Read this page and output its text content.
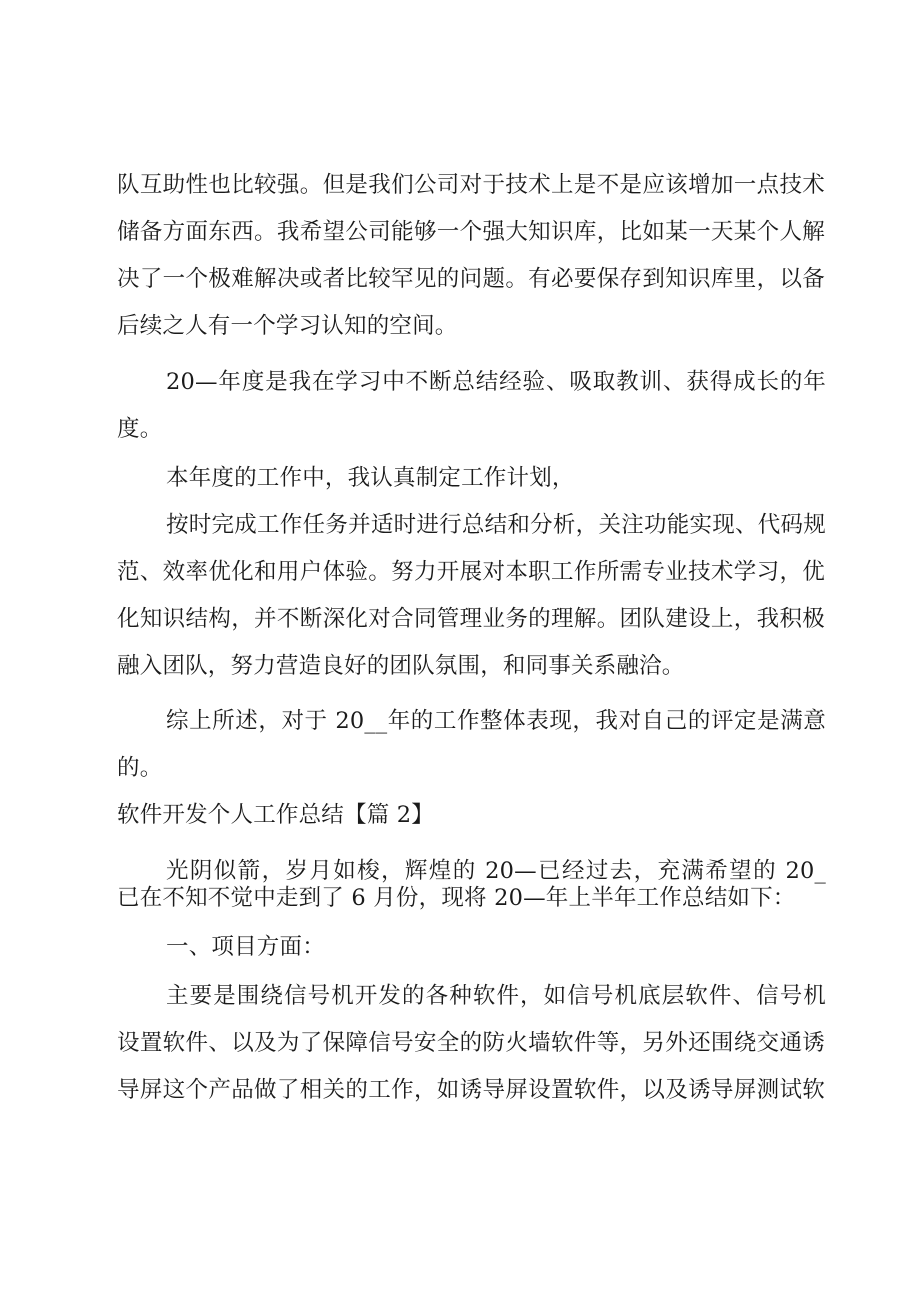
队互助性也比较强。但是我们公司对于技术上是不是应该增加一点技术
储备方面东西。我希望公司能够一个强大知识库，比如某一天某个人解
决了一个极难解决或者比较罕见的问题。有必要保存到知识库里，以备
后续之人有一个学习认知的空间。
20—年度是我在学习中不断总结经验、吸取教训、获得成长的年
度。
本年度的工作中，我认真制定工作计划，
按时完成工作任务并适时进行总结和分析，关注功能实现、代码规
范、效率优化和用户体验。努力开展对本职工作所需专业技术学习，优
化知识结构，并不断深化对合同管理业务的理解。团队建设上，我积极
融入团队，努力营造良好的团队氛围，和同事关系融洽。
综上所述，对于 20__年的工作整体表现，我对自己的评定是满意
的。
软件开发个人工作总结【篇 2】
光阴似箭，岁月如梭，辉煌的 20—已经过去，充满希望的 20_
已在不知不觉中走到了 6 月份，现将 20—年上半年工作总结如下：
一、项目方面：
主要是围绕信号机开发的各种软件，如信号机底层软件、信号机
设置软件、以及为了保障信号安全的防火墙软件等，另外还围绕交通诱
导屏这个产品做了相关的工作，如诱导屏设置软件，以及诱导屏测试软
